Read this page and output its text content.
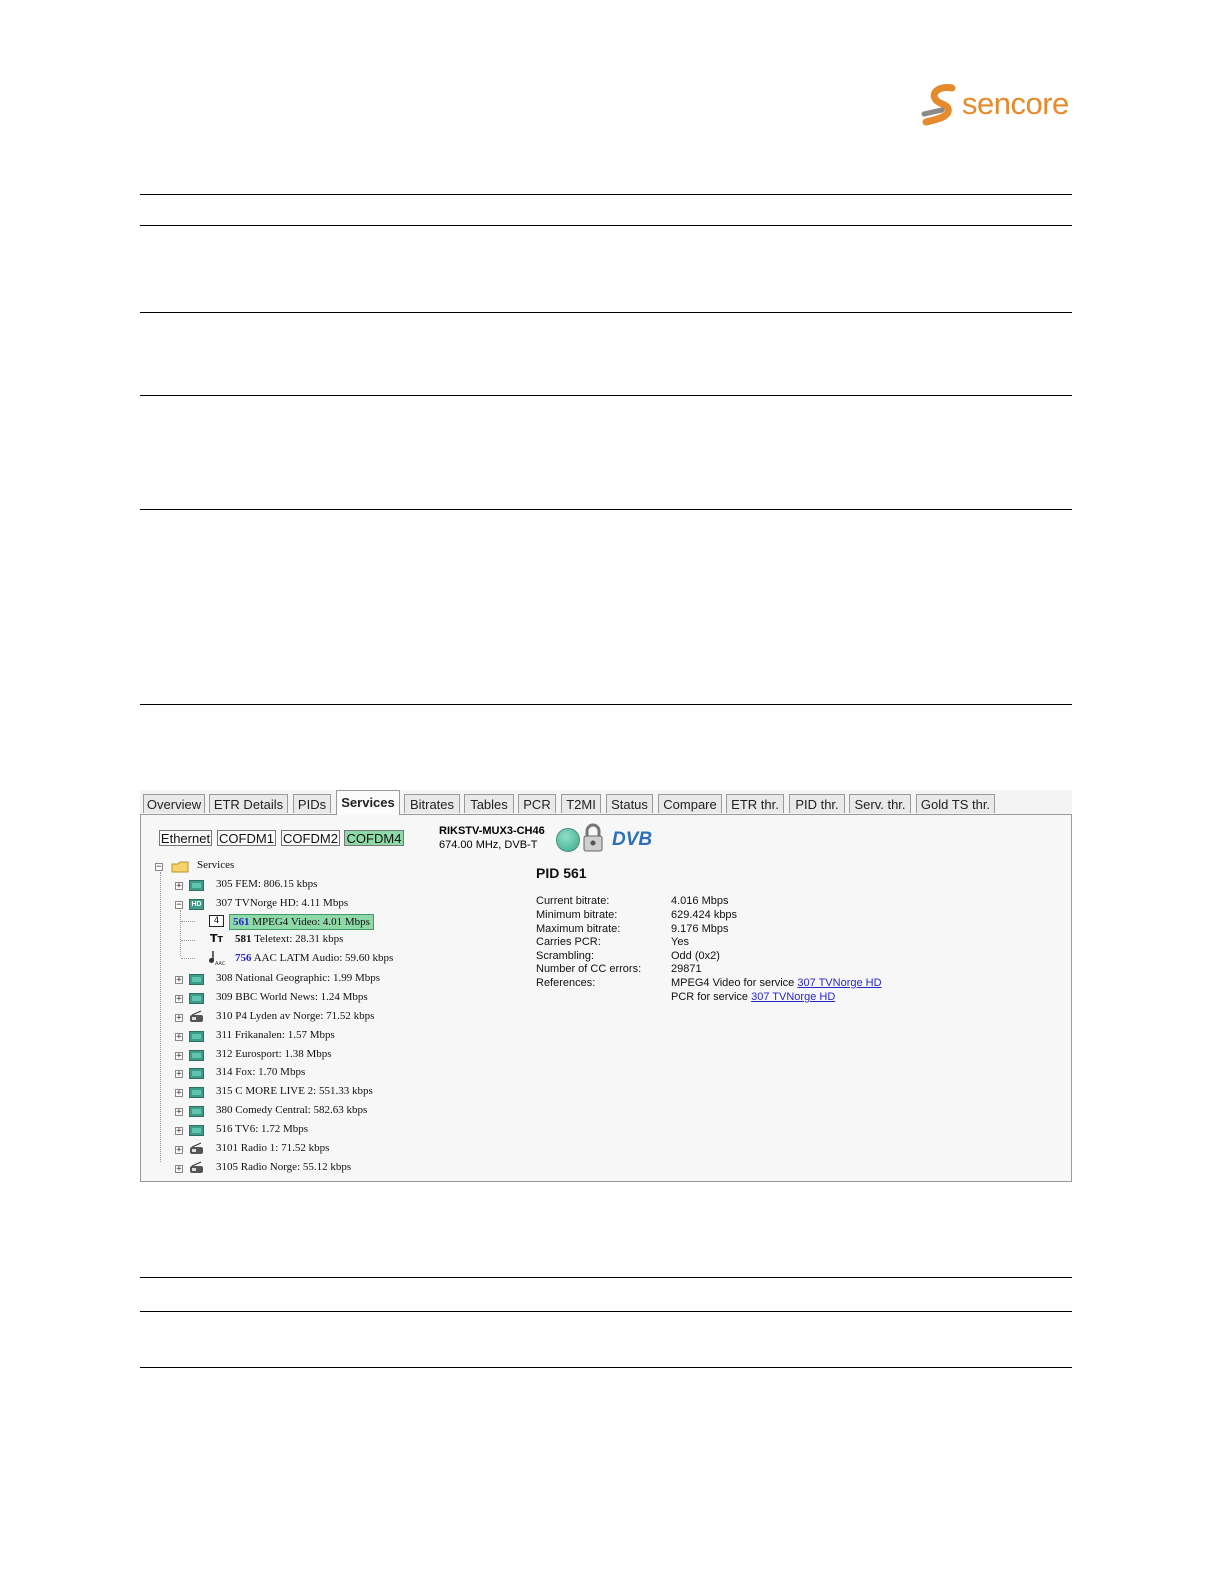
sencore
Overview ETR Details	PIDs	Services	Bitrates	Tables	PCR	T2MI	Status	Compare	ETR thr.	PID thr.	Serv. thr.	Gold TS thr.
Ethernet COFDM1 COFDM2 COFDM4	RIKSTV-MUX3-CH46
674.00 MHz, DVB-T	DVB
−	Services
+	305 FEM: 806.15 kbps
−	HD 307 TVNorge HD: 4.11 Mbps
4	561 MPEG4 Video: 4.01 Mbps
TT 581 Teletext: 28.31 kbps
AAC 756 AAC LATM Audio: 59.60 kbps
+	308 National Geographic: 1.99 Mbps
+	309 BBC World News: 1.24 Mbps
+	310 P4 Lyden av Norge: 71.52 kbps
+	311 Frikanalen: 1.57 Mbps
+	312 Eurosport: 1.38 Mbps
+	314 Fox: 1.70 Mbps
+	315 C MORE LIVE 2: 551.33 kbps
+	380 Comedy Central: 582.63 kbps
+	516 TV6: 1.72 Mbps
+	3101 Radio 1: 71.52 kbps
+	3105 Radio Norge: 55.12 kbps
PID 561
Current bitrate:	4.016 Mbps
Minimum bitrate:	629.424 kbps
Maximum bitrate:	9.176 Mbps
Carries PCR:	Yes
Scrambling:	Odd (0x2)
Number of CC errors:	29871
References:	MPEG4 Video for service 307 TVNorge HD
PCR for service 307 TVNorge HD
